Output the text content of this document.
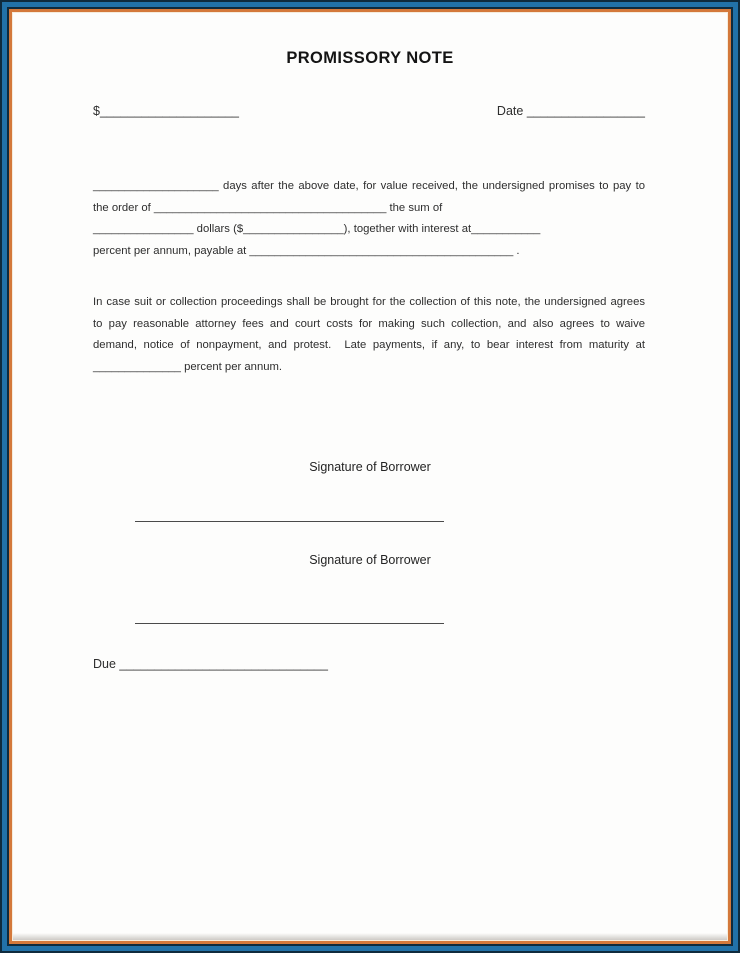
PROMISSORY NOTE
$____________________	Date _________________
____________________ days after the above date, for value received, the undersigned promises to pay to
the order of _____________________________________ the sum of
________________ dollars ($________________), together with interest at___________
percent per annum, payable at __________________________________________ .
In case suit or collection proceedings shall be brought for the collection of this note, the undersigned agrees
to pay reasonable attorney fees and court costs for making such collection, and also agrees to waive
demand, notice of nonpayment, and protest.  Late payments, if any, to bear interest from maturity at
______________ percent per annum.
Signature of Borrower
Signature of Borrower
Due ______________________________
